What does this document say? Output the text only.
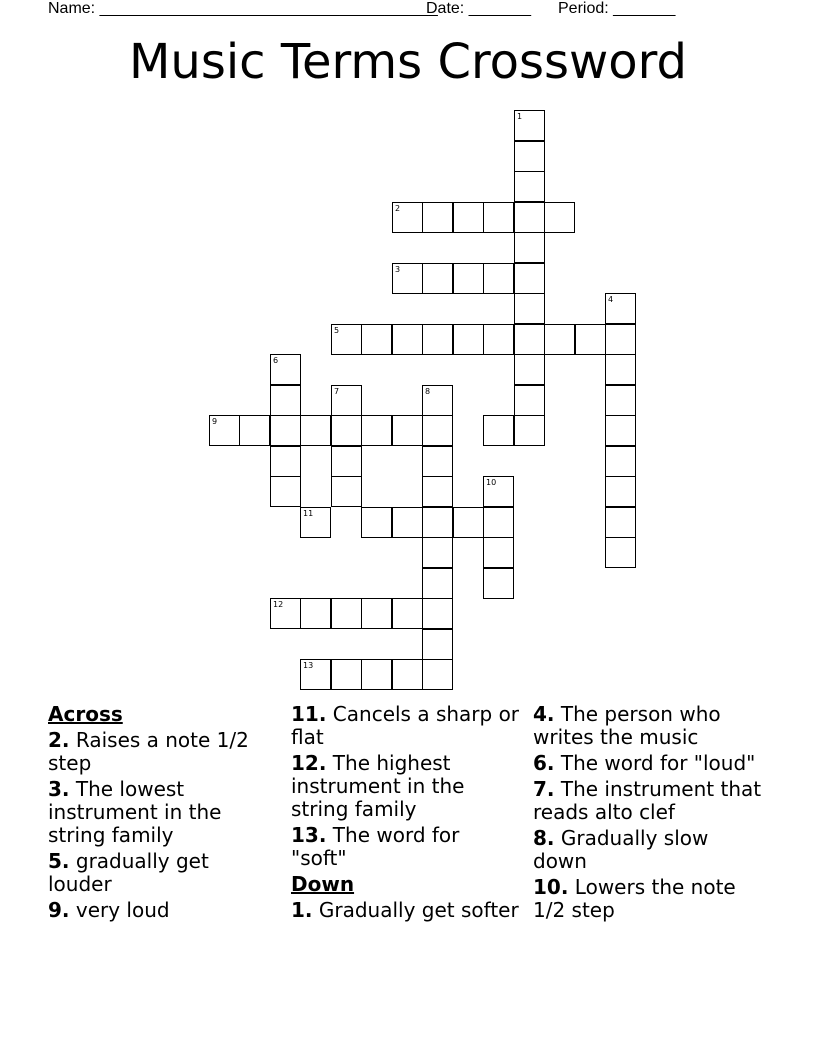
Name: ______________________________________
Date: _______ Period: _______
Music Terms Crossword
1
2
3
4
5
6
9
7	8
11
10
12
13
Across
2. Raises a note 1/2 step
3. The lowest instrument in the string family
5. gradually get louder
9. very loud
11. Cancels a sharp or flat
12. The highest instrument in the string family
13. The word for "soft"
Down
1. Gradually get softer
4. The person who writes the music
6. The word for "loud"
7. The instrument that reads alto clef
8. Gradually slow down
10. Lowers the note 1/2 step
